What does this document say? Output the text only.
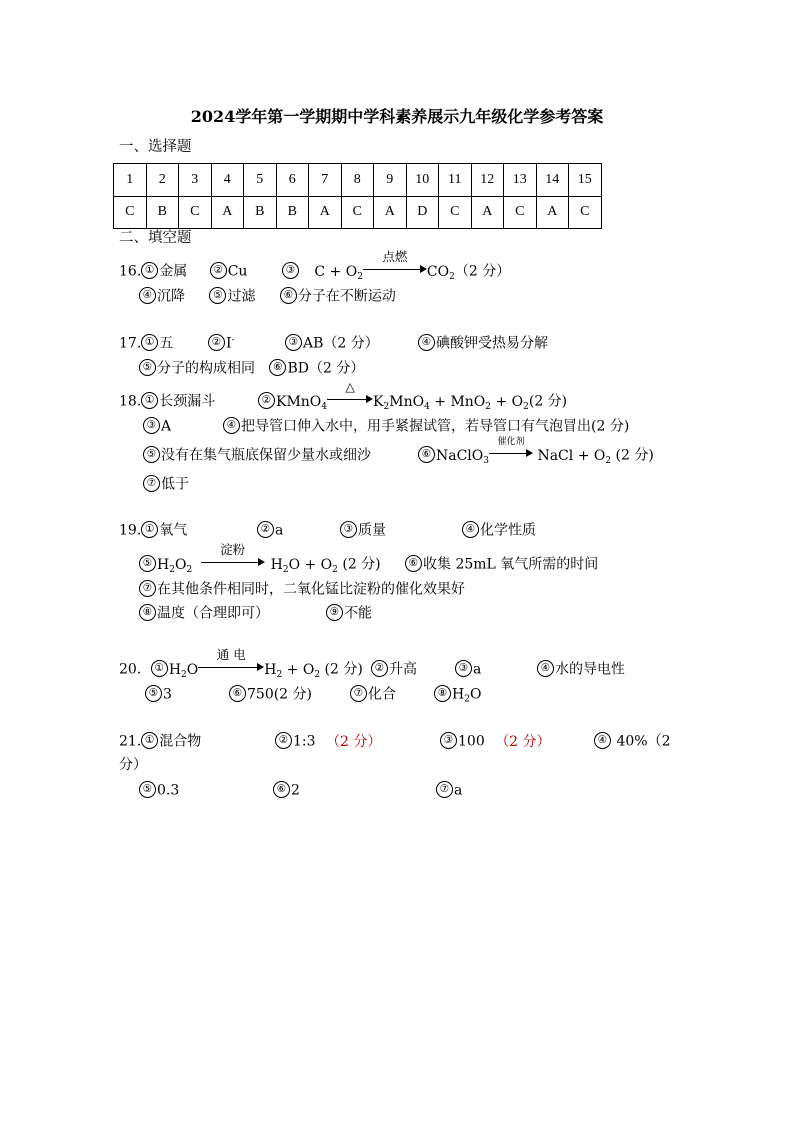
2024学年第一学期期中学科素养展示九年级化学参考答案
一、选择题
1	2	3	4	5	6	7	8	9	10	11	12	13	14	15
C	B	C	A	B	B	A	C	A	D	C	A	C	A	C
二、填空题
16. ① 金属 ② Cu	③ $C + O_2$
点燃
$CO_2(2$ 分）
④ 沉降	⑤ 过滤	⑥ 分子在不断运动
17. ① 五	② I-	③ AB（2 分）	④ 碘酸钾受热易分解
⑤ 分子的构成相同 ⑥ BD（2 分）
18. ① 长颈漏斗	② KMnO$_4$
△
$K_2MnO_4 + MnO_2 + O_2(2$ 分)
③ A	④ 把导管口伸入水中，用手紧握试管，若导管口有气泡冒出(2 分)
⑤ 没有在集气瓶底保留少量水或细沙	⑥ NaClO$_3$
催化剂
NaCl + $O_2$ (2 分)
⑦ 低于
19. ① 氧气	② a	③ 质量	④ 化学性质
⑤ $H_2O_2$
淀粉
$H_2O + O_2$ (2 分)	⑥ 收集 25mL 氧气所需的时间
⑦ 在其他条件相同时，二氧化锰比淀粉的催化效果好
⑧ 温度（合理即可）	⑨ 不能
20． ① $H_2O$
通 电
$H_2 + O_2$ (2 分)	② 升高	③ a	④ 水的导电性
⑤ 3	⑥ 750(2 分)	⑦ 化合	⑧ $H_2O$
21. ① 混合物	② 1:3 （2 分）	③ 100 （2 分）	④ 40%（2
分）
⑤ 0.3	⑥ 2	⑦ a
